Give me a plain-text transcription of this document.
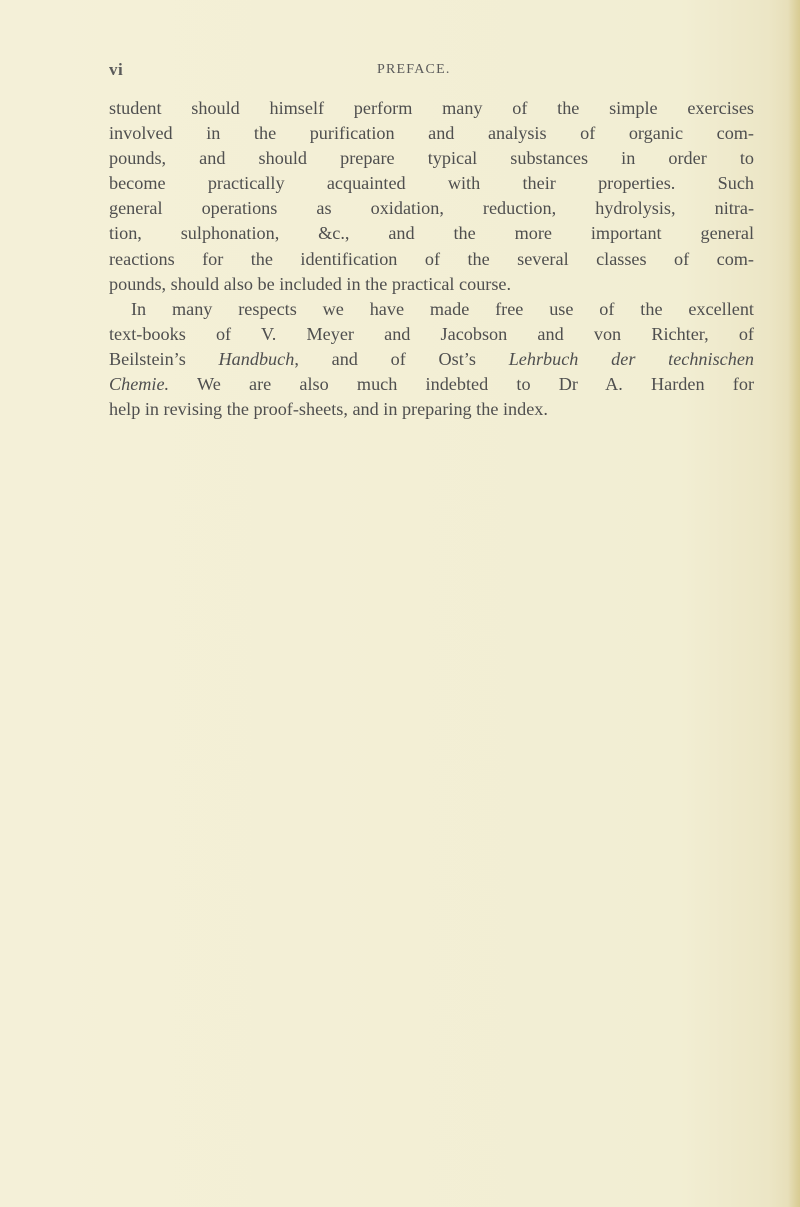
vi	PREFACE.
student should himself perform many of the simple exercises
involved in the purification and analysis of organic com-
pounds, and should prepare typical substances in order to
become practically acquainted with their properties. Such
general operations as oxidation, reduction, hydrolysis, nitra-
tion, sulphonation, &c., and the more important general
reactions for the identification of the several classes of com-
pounds, should also be included in the practical course.
In many respects we have made free use of the excellent
text-books of V. Meyer and Jacobson and von Richter, of
Beilstein’s Handbuch, and of Ost’s Lehrbuch der technischen
Chemie. We are also much indebted to Dr A. Harden for
help in revising the proof-sheets, and in preparing the index.
